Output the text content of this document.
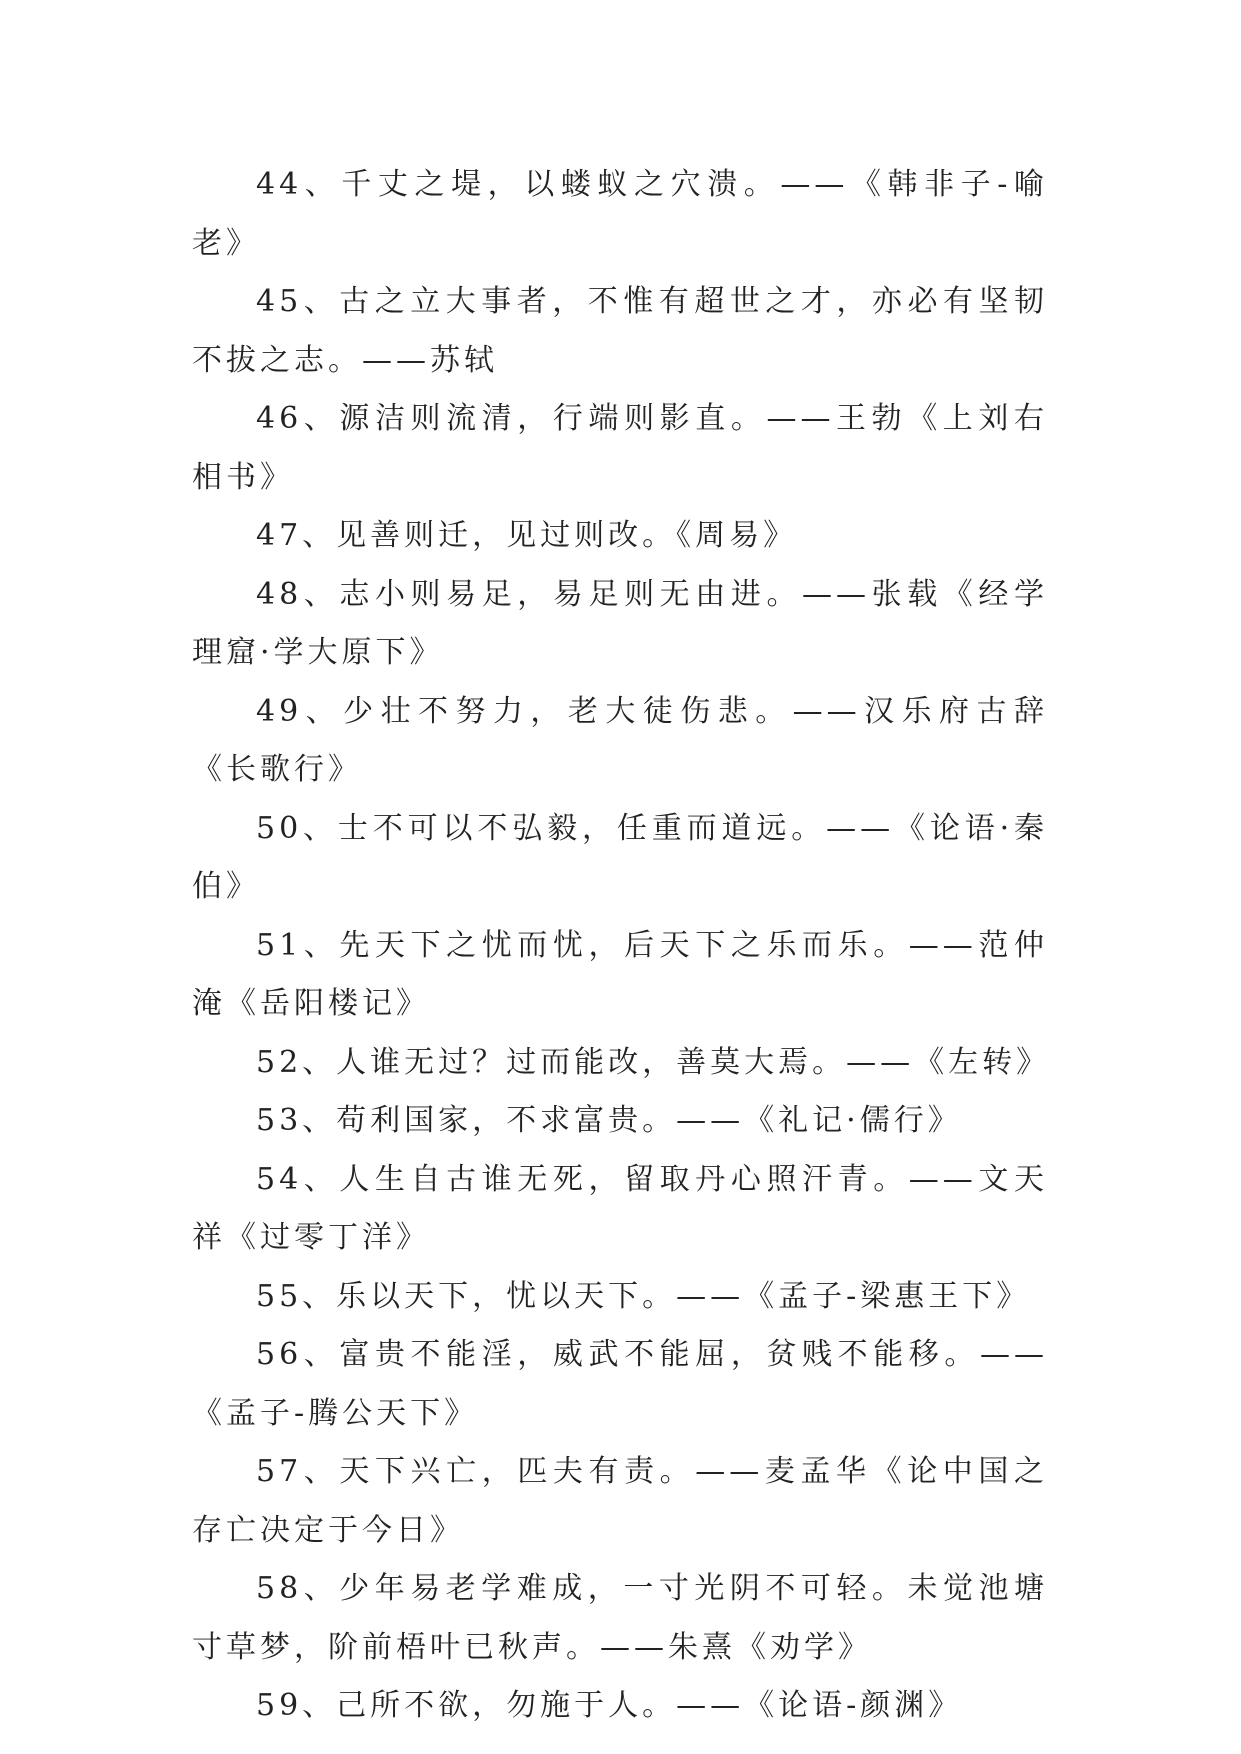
44、千丈之堤，以蝼蚁之穴溃。——《韩非子-喻老》

45、古之立大事者，不惟有超世之才，亦必有坚韧不拔之志。——苏轼

46、源洁则流清，行端则影直。——王勃《上刘右相书》

47、见善则迁，见过则改。《周易》

48、志小则易足，易足则无由进。——张载《经学理窟·学大原下》

49、少壮不努力，老大徒伤悲。——汉乐府古辞《长歌行》

50、士不可以不弘毅，任重而道远。——《论语·秦伯》

51、先天下之忧而忧，后天下之乐而乐。——范仲淹《岳阳楼记》

52、人谁无过？过而能改，善莫大焉。——《左转》

53、苟利国家，不求富贵。——《礼记·儒行》

54、人生自古谁无死，留取丹心照汗青。——文天祥《过零丁洋》

55、乐以天下，忧以天下。——《孟子-梁惠王下》

56、富贵不能淫，威武不能屈，贫贱不能移。——《孟子-腾公天下》

57、天下兴亡，匹夫有责。——麦孟华《论中国之存亡决定于今日》

58、少年易老学难成，一寸光阴不可轻。未觉池塘寸草梦，阶前梧叶已秋声。——朱熹《劝学》

59、己所不欲，勿施于人。——《论语-颜渊》
